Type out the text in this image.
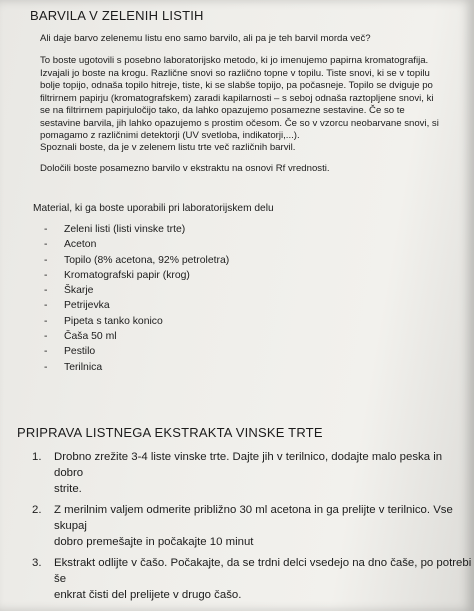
BARVILA V ZELENIH LISTIH
Ali daje barvo zelenemu listu eno samo barvilo, ali pa je teh barvil morda več?
To boste ugotovili s posebno laboratorijsko metodo, ki jo imenujemo papirna kromatografija.
Izvajali jo boste na krogu. Različne snovi so različno topne v topilu. Tiste snovi, ki se v topilu
bolje topijo, odnaša topilo hitreje, tiste, ki se slabše topijo, pa počasneje. Topilo se dviguje po
filtrirnem papirju (kromatografskem) zaradi kapilarnosti – s seboj odnaša raztopljene snovi, ki
se na filtrirnem papirjuločijo tako, da lahko opazujemo posamezne sestavine. Če so te
sestavine barvila, jih lahko opazujemo s prostim očesom. Če so v vzorcu neobarvane snovi, si
pomagamo z različnimi detektorji (UV svetloba, indikatorji,...).
Spoznali boste, da je v zelenem listu trte več različnih barvil.
Določili boste posamezno barvilo v ekstraktu na osnovi Rf vrednosti.
Material, ki ga boste uporabili pri laboratorijskem delu
- Zeleni listi (listi vinske trte)
- Aceton
- Topilo (8% acetona, 92% petroletra)
- Kromatografski papir (krog)
- Škarje
- Petrijevka
- Pipeta s tanko konico
- Čaša 50 ml
- Pestilo
- Terilnica
PRIPRAVA LISTNEGA EKSTRAKTA VINSKE TRTE
1. Drobno zrežite 3-4 liste vinske trte. Dajte jih v terilnico, dodajte malo peska in dobro
strite.
2. Z merilnim valjem odmerite približno 30 ml acetona in ga prelijte v terilnico. Vse skupaj
dobro premešajte in počakajte 10 minut
3. Ekstrakt odlijte v čašo. Počakajte, da se trdni delci vsedejo na dno čaše, po potrebi še
enkrat čisti del prelijete v drugo čašo.
